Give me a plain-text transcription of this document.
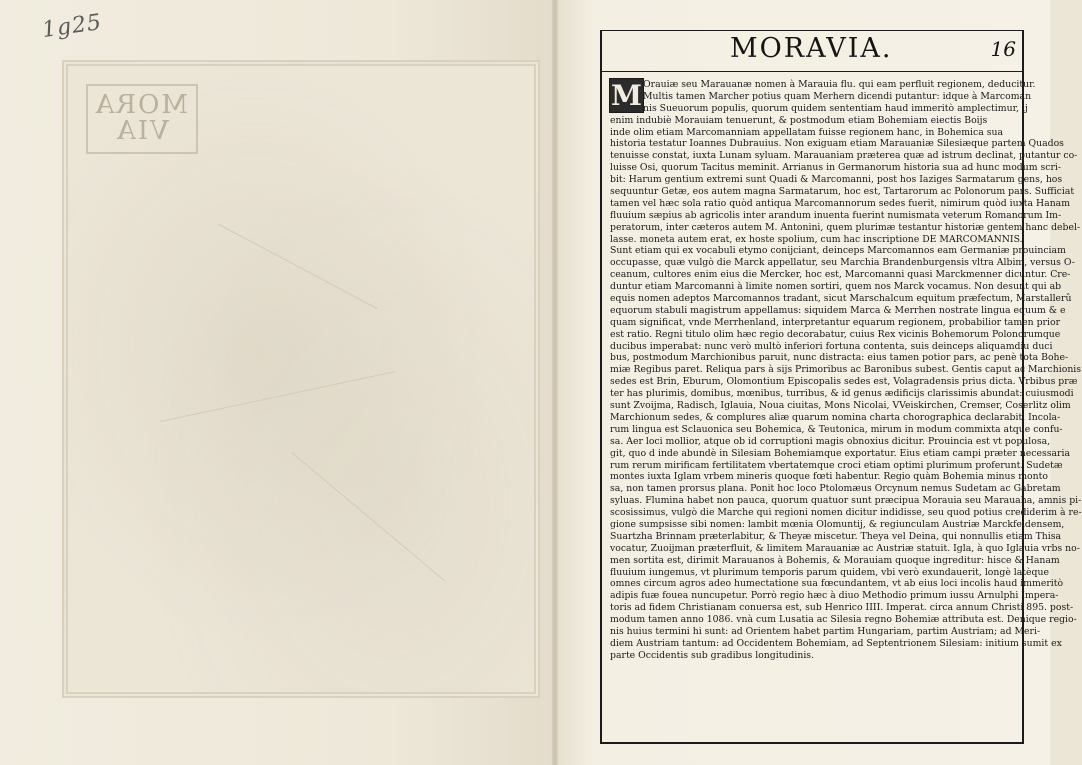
1g25
MORA
VIA
MORAVIA.	16
M Orauiæ seu Marauanæ nomen à Marauia flu. qui eam perfluit regionem, deducitur.
Multis tamen Marcher potius quam Merhern dicendi putantur: idque à Marcoman
nis Sueuorum populis, quorum quidem sententiam haud immeritò amplectimur, ij
enim indubiè Morauiam tenuerunt, & postmodum etiam Bohemiam eiectis Boijs
inde olim etiam Marcomanniam appellatam fuisse regionem hanc, in Bohemica sua
historia testatur Ioannes Dubrauius. Non exiguam etiam Marauaniæ Silesiæque partem Quados
tenuisse constat, iuxta Lunam syluam. Marauaniam præterea quæ ad istrum declinat, putantur co-
luisse Osi, quorum Tacitus meminit. Arrianus in Germanorum historia sua ad hunc modum scri-
bit: Harum gentium extremi sunt Quadi & Marcomanni, post hos Iaziges Sarmatarum gens, hos
sequuntur Getæ, eos autem magna Sarmatarum, hoc est, Tartarorum ac Polonorum pars. Sufficiat
tamen vel hæc sola ratio quòd antiqua Marcomannorum sedes fuerit, nimirum quòd iuxta Hanam
fluuium sæpius ab agricolis inter arandum inuenta fuerint numismata veterum Romanorum Im-
peratorum, inter cæteros autem M. Antonini, quem plurimæ testantur historiæ gentem hanc debel-
lasse. moneta autem erat, ex hoste spolium, cum hac inscriptione DE MARCOMANNIS.
Sunt etiam qui ex vocabuli etymo conijciant, deinceps Marcomannos eam Germaniæ prouinciam
occupasse, quæ vulgò die Marck appellatur, seu Marchia Brandenburgensis vltra Albim, versus O-
ceanum, cultores enim eius die Mercker, hoc est, Marcomanni quasi Marckmenner dicuntur. Cre-
duntur etiam Marcomanni à limite nomen sortiri, quem nos Marck vocamus. Non desunt qui ab
equis nomen adeptos Marcomannos tradant, sicut Marschalcum equitum præfectum, Marstallerû
equorum stabuli magistrum appellamus: siquidem Marca & Merrhen nostrate lingua equum & e
quam significat, vnde Merrhenland, interpretantur equarum regionem, probabilior tamen prior
est ratio. Regni titulo olim hæc regio decorabatur, cuius Rex vicinis Bohemorum Polonorumque
ducibus imperabat: nunc verò multò inferiori fortuna contenta, suis deinceps aliquamdiu duci
bus, postmodum Marchionibus paruit, nunc distracta: eius tamen potior pars, ac penè tota Bohe-
miæ Regibus paret. Reliqua pars à sijs Primoribus ac Baronibus subest. Gentis caput ac Marchionis
sedes est Brin, Eburum, Olomontium Episcopalis sedes est, Volagradensis prius dicta. Vrbibus præ
ter has plurimis, domibus, mœnibus, turribus, & id genus ædificijs clarissimis abundat: cuiusmodi
sunt Zvoijma, Radisch, Iglauia, Noua ciuitas, Mons Nicolai, VVeiskirchen, Cremser, Coserlitz olim
Marchionum sedes, & complures aliæ quarum nomina charta chorographica declarabit. Incola-
rum lingua est Sclauonica seu Bohemica, & Teutonica, mirum in modum commixta atque confu-
sa. Aer loci mollior, atque ob id corruptioni magis obnoxius dicitur. Prouincia est vt populosa,
git, quo d inde abundè in Silesiam Bohemiamque exportatur. Eius etiam campi præter necessaria
rum rerum mirificam fertilitatem vbertatemque croci etiam optimi plurimum proferunt. Sudetæ
montes iuxta Iglam vrbem mineris quoque fœti habentur. Regio quàm Bohemia minus monto
sa, non tamen prorsus plana. Ponit hoc loco Ptolomæus Orcynum nemus Sudetam ac Gabretam
syluas. Flumina habet non pauca, quorum quatuor sunt præcipua Morauia seu Marauaha, amnis pi-
scosissimus, vulgò die Marche qui regioni nomen dicitur indidisse, seu quod potius crediderim à re-
gione sumpsisse sibi nomen: lambit mœnia Olomuntij, & regiunculam Austriæ Marckfeldensem,
Suartzha Brinnam præterlabitur, & Theyæ miscetur. Theya vel Deina, qui nonnullis etiam Thisa
vocatur, Zuoijman præterfluit, & limitem Marauaniæ ac Austriæ statuit. Igla, à quo Iglauia vrbs no-
men sortita est, dirimit Marauanos à Bohemis, & Morauiam quoque ingreditur: hisce & Hanam
fluuium iungemus, vt plurimum temporis parum quidem, vbi verò exundauerit, longè latèque
omnes circum agros adeo humectatione sua fœcundantem, vt ab eius loci incolis haud immeritò
adipis fuæ fouea nuncupetur. Porrò regio hæc à diuo Methodio primum iussu Arnulphi Impera-
toris ad fidem Christianam conuersa est, sub Henrico IIII. Imperat. circa annum Christi 895. post-
modum tamen anno 1086. vnà cum Lusatia ac Silesia regno Bohemiæ attributa est. Denique regio-
nis huius termini hi sunt: ad Orientem habet partim Hungariam, partim Austriam; ad Meri-
diem Austriam tantum: ad Occidentem Bohemiam, ad Septentrionem Silesiam: initium sumit ex
parte Occidentis sub gradibus longitudinis.
